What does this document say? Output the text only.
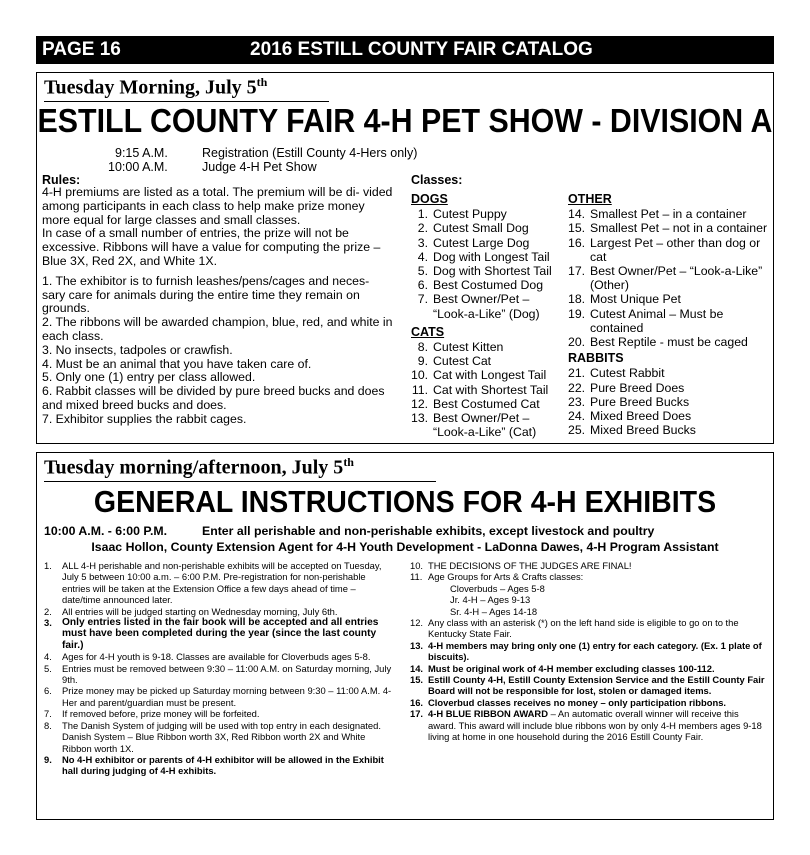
PAGE 16	2016 ESTILL COUNTY FAIR CATALOG
Tuesday Morning, July 5th
ESTILL COUNTY FAIR 4-H PET SHOW - DIVISION A
9:15 A.M.	Registration (Estill County 4-Hers only)
10:00 A.M.	Judge 4-H Pet Show
Rules:

4-H premiums are listed as a total. The premium will be di- vided among participants in each class to help make prize money more equal for large classes and small classes.

In case of a small number of entries, the prize will not be excessive. Ribbons will have a value for computing the prize – Blue 3X, Red 2X, and White 1X.

1. The exhibitor is to furnish leashes/pens/cages and neces- sary care for animals during the entire time they remain on grounds.

2. The ribbons will be awarded champion, blue, red, and white in each class.

3. No insects, tadpoles or crawfish.

4. Must be an animal that you have taken care of.

5. Only one (1) entry per class allowed.

6. Rabbit classes will be divided by pure breed bucks and does and mixed breed bucks and does.

7. Exhibitor supplies the rabbit cages.

Classes:
DOGS
1. Cutest Puppy
2. Cutest Small Dog
3. Cutest Large Dog
4. Dog with Longest Tail
5. Dog with Shortest Tail
6. Best Costumed Dog
7. Best Owner/Pet – “Look-a-Like” (Dog)
CATS
8. Cutest Kitten
9. Cutest Cat
10. Cat with Longest Tail
11. Cat with Shortest Tail
12. Best Costumed Cat
13. Best Owner/Pet – “Look-a-Like” (Cat)
OTHER
14. Smallest Pet – in a container
15. Smallest Pet – not in a container
16. Largest Pet – other than dog or cat
17. Best Owner/Pet – “Look-a-Like” (Other)
18. Most Unique Pet
19. Cutest Animal – Must be contained
20. Best Reptile - must be caged
RABBITS
21. Cutest Rabbit
22. Pure Breed Does
23. Pure Breed Bucks
24. Mixed Breed Does
25. Mixed Breed Bucks
Tuesday morning/afternoon, July 5th
GENERAL INSTRUCTIONS FOR 4-H EXHIBITS
10:00 A.M. - 6:00 P.M.	Enter all perishable and non-perishable exhibits, except livestock and poultry
Isaac Hollon, County Extension Agent for 4-H Youth Development - LaDonna Dawes, 4-H Program Assistant
1.	ALL 4-H perishable and non-perishable exhibits will be accepted on Tuesday, July 5 between 10:00 a.m. – 6:00 P.M. Pre-registration for non-perishable entries will be taken at the Extension Office a few days ahead of time – date/time announced later.
2.	All entries will be judged starting on Wednesday morning, July 6th.
3. Only entries listed in the fair book will be accepted and all entries must have been completed during the year (since the last county fair.)
4.	Ages for 4-H youth is 9-18. Classes are available for Cloverbuds ages 5-8.
5.	Entries must be removed between 9:30 – 11:00 A.M. on Saturday morning, July 9th.
6.	Prize money may be picked up Saturday morning between 9:30 – 11:00 A.M. 4-Her and parent/guardian must be present.
7.	If removed before, prize money will be forfeited.
8.	The Danish System of judging will be used with top entry in each designated. Danish System – Blue Ribbon worth 3X, Red Ribbon worth 2X and White Ribbon worth 1X.
9.	No 4-H exhibitor or parents of 4-H exhibitor will be allowed in the Exhibit hall during judging of 4-H exhibits.
10. THE DECISIONS OF THE JUDGES ARE FINAL!
11. Age Groups for Arts & Crafts classes:
Cloverbuds – Ages 5-8
Jr. 4-H – Ages 9-13
Sr. 4-H – Ages 14-18
12. Any class with an asterisk (*) on the left hand side is eligible to go on to the Kentucky State Fair.
13. 4-H members may bring only one (1) entry for each category. (Ex. 1 plate of biscuits).
14. Must be original work of 4-H member excluding classes 100-112.
15. Estill County 4-H, Estill County Extension Service and the Estill County Fair Board will not be responsible for lost, stolen or damaged items.
16. Cloverbud classes receives no money – only participation ribbons.
17. 4-H BLUE RIBBON AWARD – An automatic overall winner will receive this award. This award will include blue ribbons won by only 4-H members ages 9-18 living at home in one household during the 2016 Estill County Fair.
